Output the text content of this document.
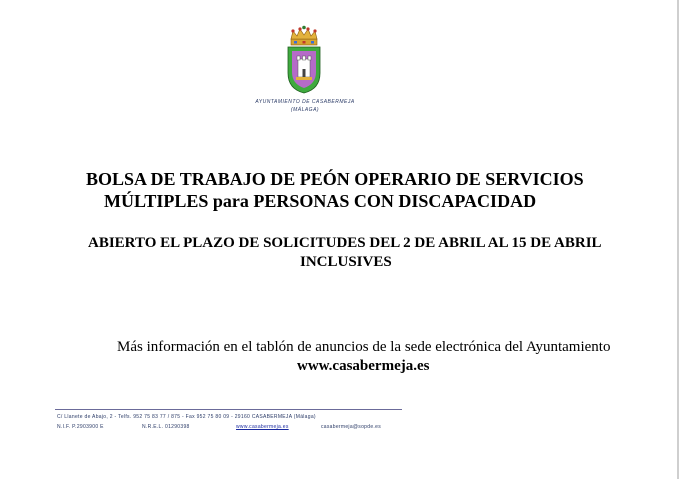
AYUNTAMIENTO DE CASABERMEJA
(MÁLAGA)
BOLSA DE TRABAJO DE PEÓN OPERARIO DE SERVICIOS
MÚLTIPLES para PERSONAS CON DISCAPACIDAD
ABIERTO EL PLAZO DE SOLICITUDES DEL 2 DE ABRIL AL 15 DE ABRIL
INCLUSIVES
Más información en el tablón de anuncios de la sede electrónica del Ayuntamiento
www.casabermeja.es
C/ Llanete de Abajo, 2 - Telfs. 952 75 83 77 / 875 - Fax 952 75 80 09 - 29160 CASABERMEJA (Málaga)
N.I.F. P.2903900 E	N.R.E.L. 01290398	www.casabermeja.es	casabermeja@sopde.es
